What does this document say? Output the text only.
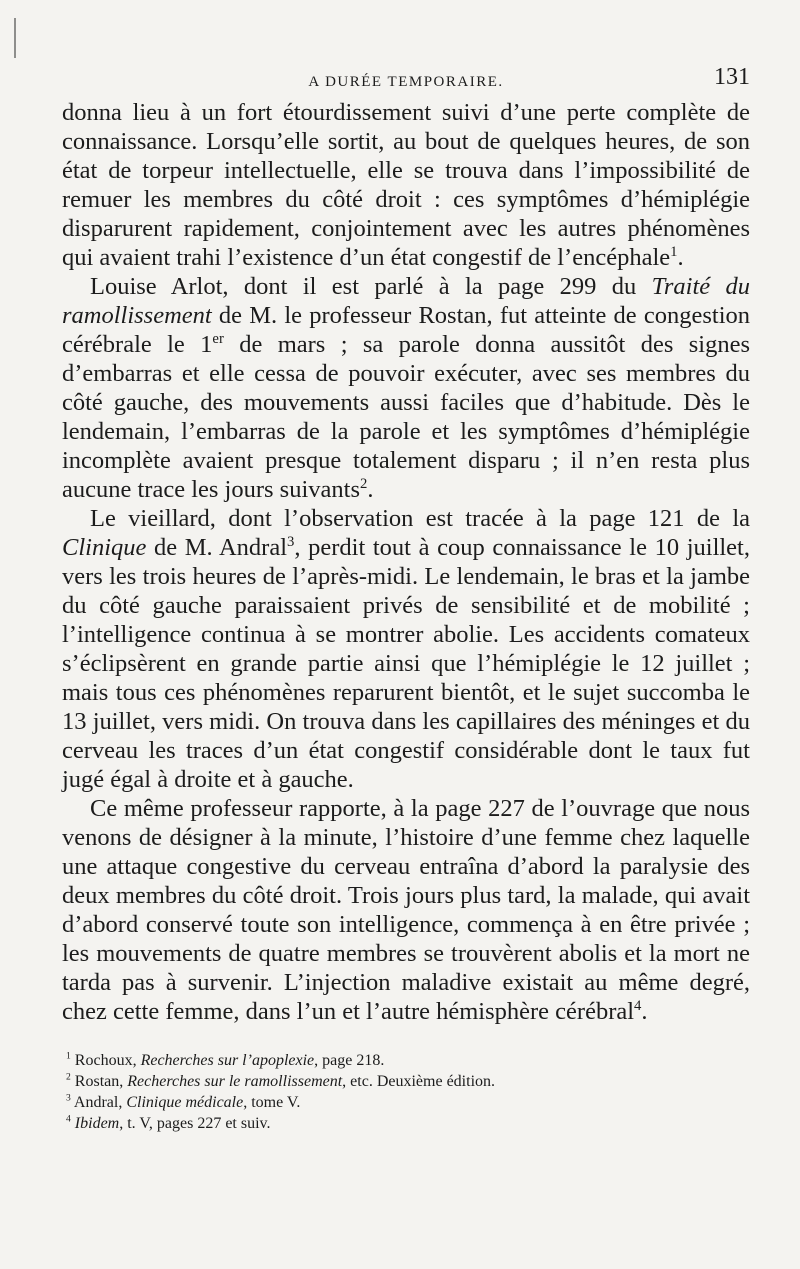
A DURÉE TEMPORAIRE.	131

donna lieu à un fort étourdissement suivi d’une perte complète de connaissance. Lorsqu’elle sortit, au bout de quelques heures, de son état de torpeur intellectuelle, elle se trouva dans l’impossibilité de remuer les membres du côté droit : ces symptômes d’hémiplégie disparurent rapidement, conjointement avec les autres phénomènes qui avaient trahi l’existence d’un état congestif de l’encéphale$^1$.

Louise Arlot, dont il est parlé à la page 299 du Traité du ramollissement de M. le professeur Rostan, fut atteinte de congestion cérébrale le 1er de mars ; sa parole donna aussitôt des signes d’embarras et elle cessa de pouvoir exécuter, avec ses membres du côté gauche, des mouvements aussi faciles que d’habitude. Dès le lendemain, l’embarras de la parole et les symptômes d’hémiplégie incomplète avaient presque totalement disparu ; il n’en resta plus aucune trace les jours suivants$^2$.

Le vieillard, dont l’observation est tracée à la page 121 de la Clinique de M. Andral$^3$, perdit tout à coup connaissance le 10 juillet, vers les trois heures de l’après-midi. Le lendemain, le bras et la jambe du côté gauche paraissaient privés de sensibilité et de mobilité ; l’intelligence continua à se montrer abolie. Les accidents comateux s’éclipsèrent en grande partie ainsi que l’hémiplégie le 12 juillet ; mais tous ces phénomènes reparurent bientôt, et le sujet succomba le 13 juillet, vers midi. On trouva dans les capillaires des méninges et du cerveau les traces d’un état congestif considérable dont le taux fut jugé égal à droite et à gauche.

Ce même professeur rapporte, à la page 227 de l’ouvrage que nous venons de désigner à la minute, l’histoire d’une femme chez laquelle une attaque congestive du cerveau entraîna d’abord la paralysie des deux membres du côté droit. Trois jours plus tard, la malade, qui avait d’abord conservé toute son intelligence, commença à en être privée ; les mouvements de quatre membres se trouvèrent abolis et la mort ne tarda pas à survenir. L’injection maladive existait au même degré, chez cette femme, dans l’un et l’autre hémisphère cérébral$^4$.

$^1$ Rochoux, Recherches sur l’apoplexie, page 218.

$^2$ Rostan, Recherches sur le ramollissement, etc. Deuxième édition.

$^3$ Andral, Clinique médicale, tome V.

$^4$ Ibidem, t. V, pages 227 et suiv.
